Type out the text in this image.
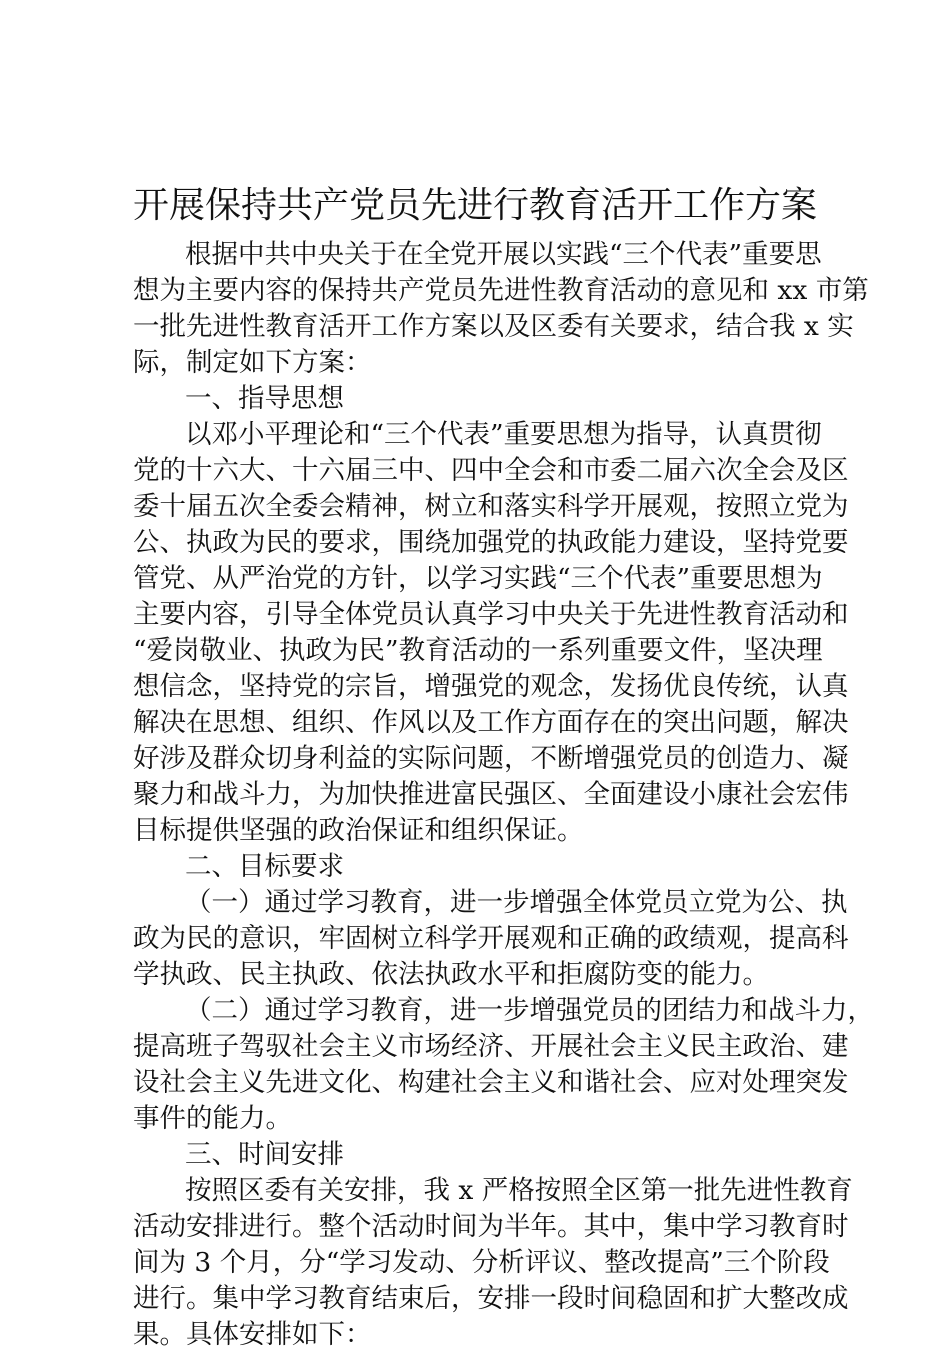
开展保持共产党员先进行教育活开工作方案
根据中共中央关于在全党开展以实践“三个代表”重要思
想为主要内容的保持共产党员先进性教育活动的意见和 xx 市第
一批先进性教育活开工作方案以及区委有关要求，结合我 x 实
际，制定如下方案：
一、指导思想
以邓小平理论和“三个代表”重要思想为指导，认真贯彻
党的十六大、十六届三中、四中全会和市委二届六次全会及区
委十届五次全委会精神，树立和落实科学开展观，按照立党为
公、执政为民的要求，围绕加强党的执政能力建设，坚持党要
管党、从严治党的方针，以学习实践“三个代表”重要思想为
主要内容，引导全体党员认真学习中央关于先进性教育活动和
“爱岗敬业、执政为民”教育活动的一系列重要文件，坚决理
想信念，坚持党的宗旨，增强党的观念，发扬优良传统，认真
解决在思想、组织、作风以及工作方面存在的突出问题，解决
好涉及群众切身利益的实际问题，不断增强党员的创造力、凝
聚力和战斗力，为加快推进富民强区、全面建设小康社会宏伟
目标提供坚强的政治保证和组织保证。
二、目标要求
（一）通过学习教育，进一步增强全体党员立党为公、执
政为民的意识，牢固树立科学开展观和正确的政绩观，提高科
学执政、民主执政、依法执政水平和拒腐防变的能力。
（二）通过学习教育，进一步增强党员的团结力和战斗力，
提高班子驾驭社会主义市场经济、开展社会主义民主政治、建
设社会主义先进文化、构建社会主义和谐社会、应对处理突发
事件的能力。
三、时间安排
按照区委有关安排，我 x 严格按照全区第一批先进性教育
活动安排进行。整个活动时间为半年。其中，集中学习教育时
间为 3 个月，分“学习发动、分析评议、整改提高”三个阶段
进行。集中学习教育结束后，安排一段时间稳固和扩大整改成
果。具体安排如下：
